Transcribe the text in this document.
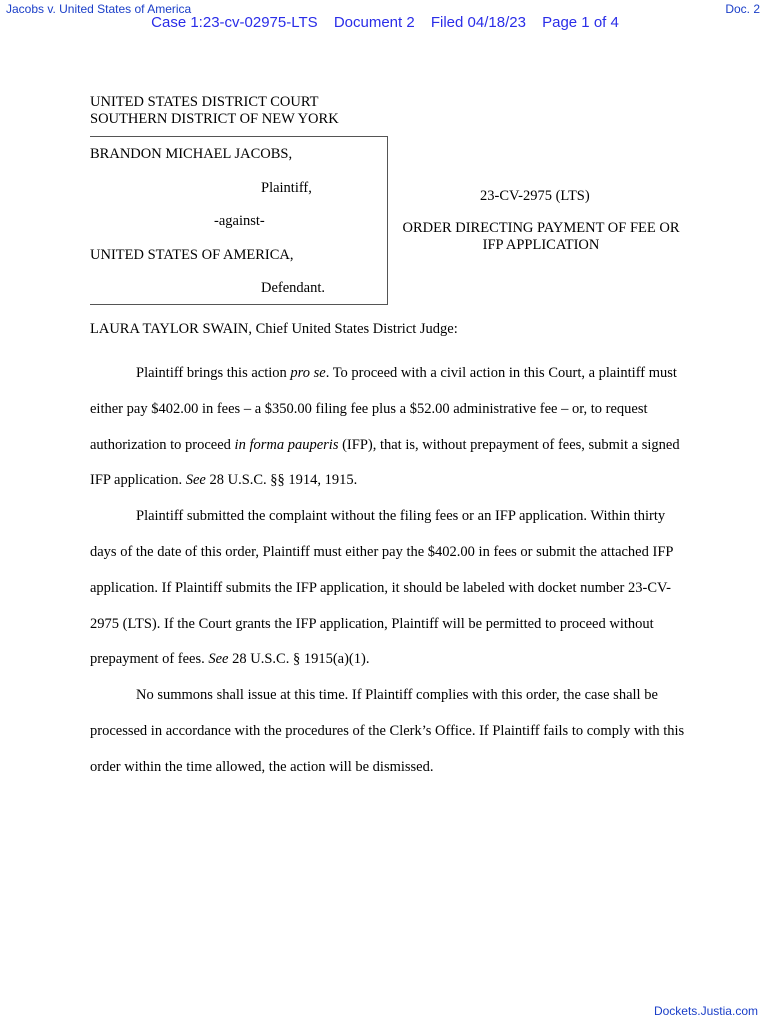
Jacobs v. United States of America	Doc. 2
Case 1:23-cv-02975-LTS Document 2 Filed 04/18/23 Page 1 of 4
UNITED STATES DISTRICT COURT
SOUTHERN DISTRICT OF NEW YORK
BRANDON MICHAEL JACOBS,
Plaintiff,
-against-
UNITED STATES OF AMERICA,
Defendant.
23-CV-2975 (LTS)
ORDER DIRECTING PAYMENT OF FEE OR IFP APPLICATION
LAURA TAYLOR SWAIN, Chief United States District Judge:

Plaintiff brings this action pro se. To proceed with a civil action in this Court, a plaintiff must either pay $402.00 in fees – a $350.00 filing fee plus a $52.00 administrative fee – or, to request authorization to proceed in forma pauperis (IFP), that is, without prepayment of fees, submit a signed IFP application. See 28 U.S.C. §§ 1914, 1915.

Plaintiff submitted the complaint without the filing fees or an IFP application. Within thirty days of the date of this order, Plaintiff must either pay the $402.00 in fees or submit the attached IFP application. If Plaintiff submits the IFP application, it should be labeled with docket number 23-CV-2975 (LTS). If the Court grants the IFP application, Plaintiff will be permitted to proceed without prepayment of fees. See 28 U.S.C. § 1915(a)(1).

No summons shall issue at this time. If Plaintiff complies with this order, the case shall be processed in accordance with the procedures of the Clerk’s Office. If Plaintiff fails to comply with this order within the time allowed, the action will be dismissed.

Dockets.Justia.com
